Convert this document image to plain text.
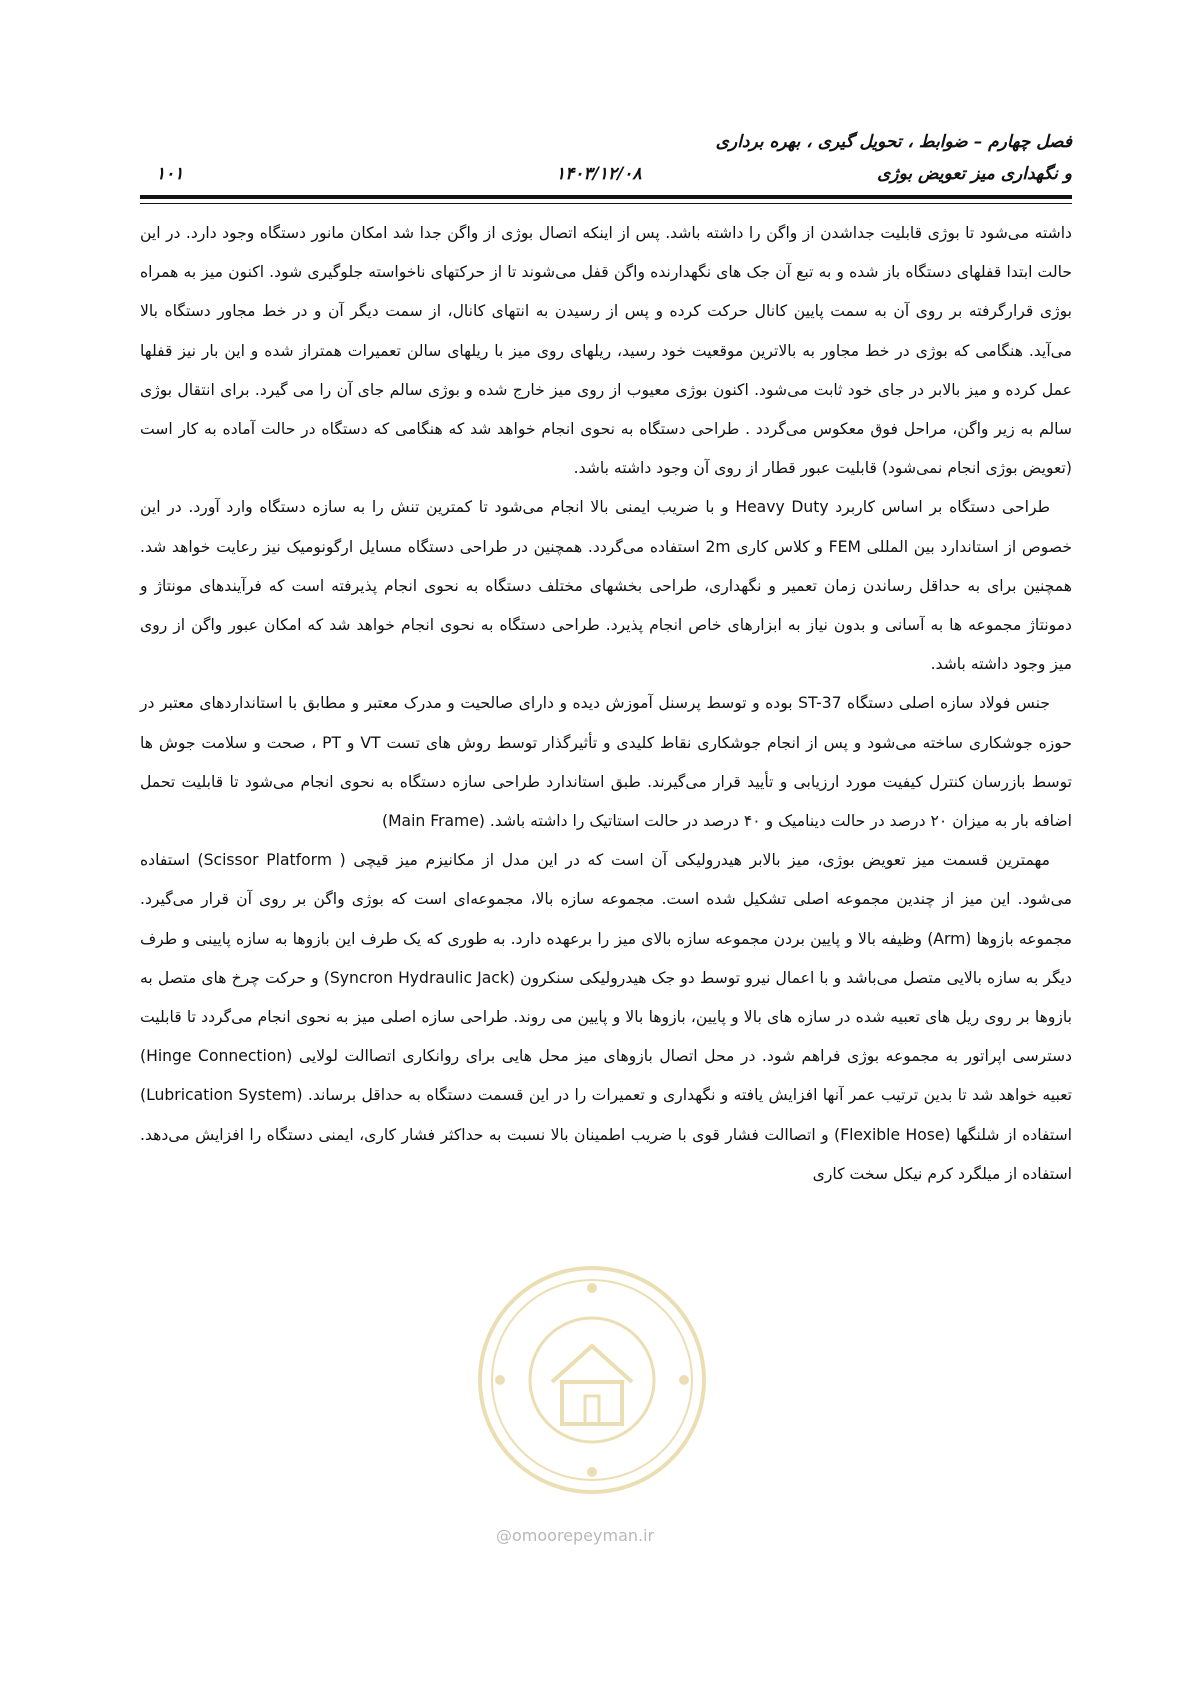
فصل چهارم – ضوابط ، تحویل گیری ، بهره برداری
و نگهداری میز تعویض بوژی
۱۴۰۳/۱۲/۰۸
۱۰۱

داشته می‌شود تا بوژی قابلیت جداشدن از واگن را داشته باشد. پس از اینکه اتصال بوژی از واگن جدا شد امکان مانور دستگاه وجود دارد. در این حالت ابتدا قفلهای دستگاه باز شده و به تبع آن جک های نگهدارنده واگن قفل می‌شوند تا از حرکتهای ناخواسته جلوگیری شود. اکنون میز به همراه بوژی قرارگرفته بر روی آن به سمت پایین کانال حرکت کرده و پس از رسیدن به انتهای کانال، از سمت دیگر آن و در خط مجاور دستگاه بالا می‌آید. هنگامی که بوژی در خط مجاور به بالاترین موقعیت خود رسید، ریلهای روی میز با ریلهای سالن تعمیرات همتراز شده و این بار نیز قفلها عمل کرده و میز بالابر در جای خود ثابت می‌شود. اکنون بوژی معیوب از روی میز خارج شده و بوژی سالم جای آن را می گیرد. برای انتقال بوژی سالم به زیر واگن، مراحل فوق معکوس می‌گردد . طراحی دستگاه به نحوی انجام خواهد شد که هنگامی که دستگاه در حالت آماده به کار است (تعویض بوژی انجام نمی‌شود) قابلیت عبور قطار از روی آن وجود داشته باشد.

طراحی دستگاه بر اساس کاربرد Heavy Duty و با ضریب ایمنی بالا انجام می‌شود تا کمترین تنش را به سازه دستگاه وارد آورد. در این خصوص از استاندارد بین المللی FEM و کلاس کاری 2m استفاده می‌گردد. همچنین در طراحی دستگاه مسایل ارگونومیک نیز رعایت خواهد شد. همچنین برای به حداقل رساندن زمان تعمیر و نگهداری، طراحی بخشهای مختلف دستگاه به نحوی انجام پذیرفته است که فرآیندهای مونتاژ و دمونتاژ مجموعه ها به آسانی و بدون نیاز به ابزارهای خاص انجام پذیرد. طراحی دستگاه به نحوی انجام خواهد شد که امکان عبور واگن از روی میز وجود داشته باشد.

جنس فولاد سازه اصلی دستگاه ST-37 بوده و توسط پرسنل آموزش دیده و دارای صالحیت و مدرک معتبر و مطابق با استانداردهای معتبر در حوزه جوشکاری ساخته می‌شود و پس از انجام جوشکاری نقاط کلیدی و تأثیرگذار توسط روش های تست VT و PT ، صحت و سلامت جوش ها توسط بازرسان کنترل کیفیت مورد ارزیابی و تأیید قرار می‌گیرند. طبق استاندارد طراحی سازه دستگاه به نحوی انجام می‌شود تا قابلیت تحمل اضافه بار به میزان ۲۰ درصد در حالت دینامیک و ۴۰ درصد در حالت استاتیک را داشته باشد. (Main Frame)

مهمترین قسمت میز تعویض بوژی، میز بالابر هیدرولیکی آن است که در این مدل از مکانیزم میز قیچی ( Scissor Platform) استفاده می‌شود. این میز از چندین مجموعه اصلی تشکیل شده است. مجموعه سازه بالا، مجموعه‌ای است که بوژی واگن بر روی آن قرار می‌گیرد. مجموعه بازوها (Arm) وظیفه بالا و پایین بردن مجموعه سازه بالای میز را برعهده دارد. به طوری که یک طرف این بازوها به سازه پایینی و طرف دیگر به سازه بالایی متصل می‌باشد و با اعمال نیرو توسط دو جک هیدرولیکی سنکرون (Syncron Hydraulic Jack) و حرکت چرخ های متصل به بازوها بر روی ریل های تعبیه شده در سازه های بالا و پایین، بازوها بالا و پایین می روند. طراحی سازه اصلی میز به نحوی انجام می‌گردد تا قابلیت دسترسی اپراتور به مجموعه بوژی فراهم شود. در محل اتصال بازوهای میز محل هایی برای روانکاری اتصاالت لولایی (Hinge Connection) تعبیه خواهد شد تا بدین ترتیب عمر آنها افزایش یافته و نگهداری و تعمیرات را در این قسمت دستگاه به حداقل برساند. (Lubrication System) استفاده از شلنگها (Flexible Hose) و اتصاالت فشار قوی با ضریب اطمینان بالا نسبت به حداکثر فشار کاری، ایمنی دستگاه را افزایش می‌دهد. استفاده از میلگرد کرم نیکل سخت کاری

@omoorepeyman.ir
